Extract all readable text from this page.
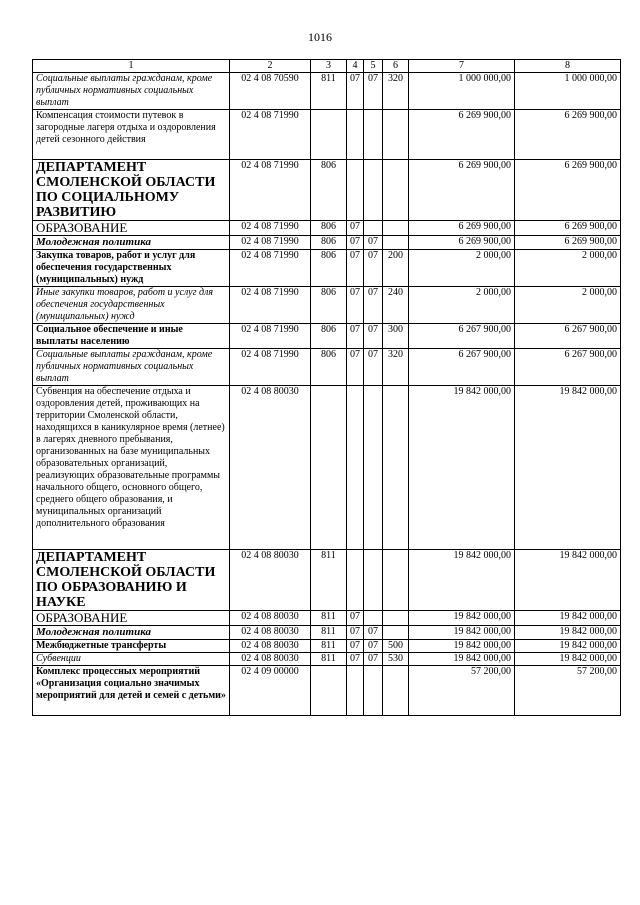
1016
1	2	3	4	5	6	7	8
Социальные выплаты гражданам, кроме публичных нормативных социальных выплат	02 4 08 70590	811	07	07	320	1 000 000,00	1 000 000,00
Компенсация стоимости путевок в загородные лагеря отдыха и оздоровления детей сезонного действия	02 4 08 71990					6 269 900,00	6 269 900,00
ДЕПАРТАМЕНТ СМОЛЕНСКОЙ ОБЛАСТИ ПО СОЦИАЛЬНОМУ РАЗВИТИЮ	02 4 08 71990	806				6 269 900,00	6 269 900,00
ОБРАЗОВАНИЕ	02 4 08 71990	806	07			6 269 900,00	6 269 900,00
Молодежная политика	02 4 08 71990	806	07	07		6 269 900,00	6 269 900,00
Закупка товаров, работ и услуг для обеспечения государственных (муниципальных) нужд	02 4 08 71990	806	07	07	200	2 000,00	2 000,00
Иные закупки товаров, работ и услуг для обеспечения государственных (муниципальных) нужд	02 4 08 71990	806	07	07	240	2 000,00	2 000,00
Социальное обеспечение и иные выплаты населению	02 4 08 71990	806	07	07	300	6 267 900,00	6 267 900,00
Социальные выплаты гражданам, кроме публичных нормативных социальных выплат	02 4 08 71990	806	07	07	320	6 267 900,00	6 267 900,00
Субвенция на обеспечение отдыха и оздоровления детей, проживающих на территории Смоленской области, находящихся в каникулярное время (летнее) в лагерях дневного пребывания, организованных на базе муниципальных образовательных организаций, реализующих образовательные программы начального общего, основного общего, среднего общего образования, и муниципальных организаций дополнительного образования	02 4 08 80030					19 842 000,00	19 842 000,00
ДЕПАРТАМЕНТ СМОЛЕНСКОЙ ОБЛАСТИ ПО ОБРАЗОВАНИЮ И НАУКЕ	02 4 08 80030	811				19 842 000,00	19 842 000,00
ОБРАЗОВАНИЕ	02 4 08 80030	811	07			19 842 000,00	19 842 000,00
Молодежная политика	02 4 08 80030	811	07	07		19 842 000,00	19 842 000,00
Межбюджетные трансферты	02 4 08 80030	811	07	07	500	19 842 000,00	19 842 000,00
Субвенции	02 4 08 80030	811	07	07	530	19 842 000,00	19 842 000,00
Комплекс процессных мероприятий «Организация социально значимых мероприятий для детей и семей с детьми»	02 4 09 00000					57 200,00	57 200,00
